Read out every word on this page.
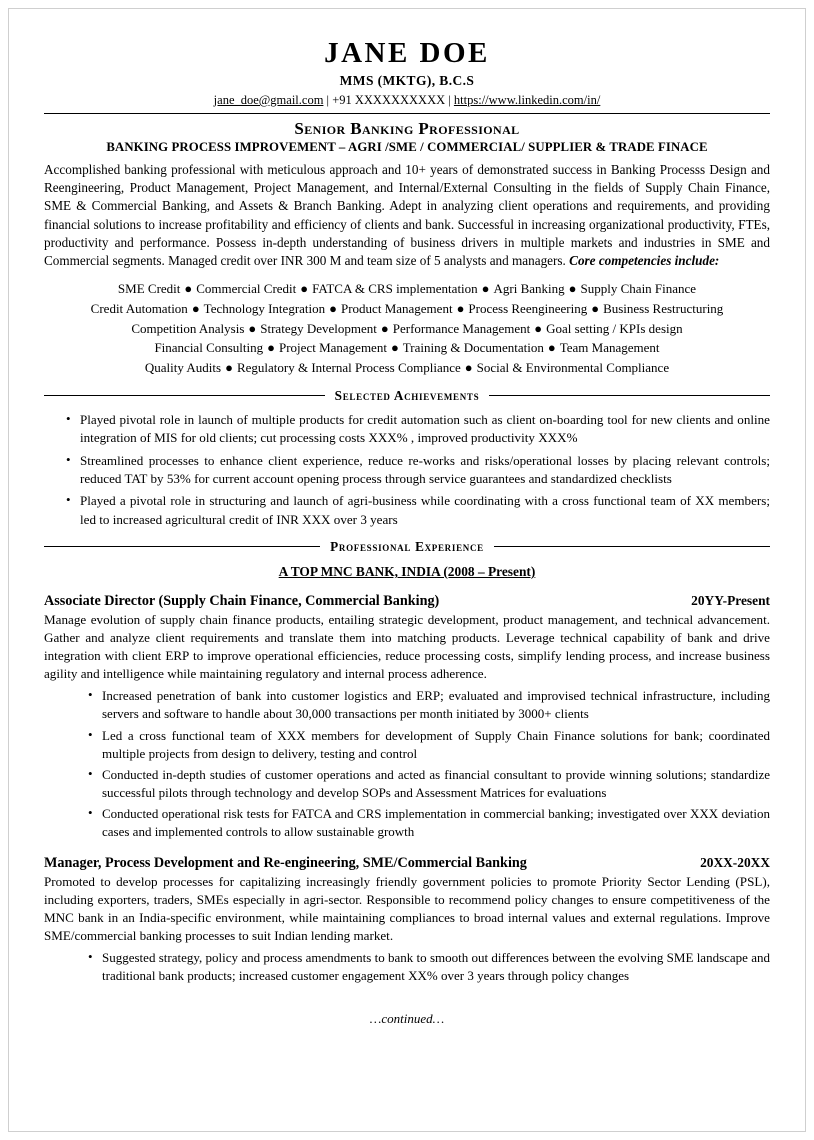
JANE DOE
MMS (MKTG), B.C.S
jane_doe@gmail.com | +91 XXXXXXXXXX | https://www.linkedin.com/in/
Senior Banking Professional
BANKING PROCESS IMPROVEMENT – AGRI /SME / COMMERCIAL/ SUPPLIER & TRADE FINACE
Accomplished banking professional with meticulous approach and 10+ years of demonstrated success in Banking Processs Design and Reengineering, Product Management, Project Management, and Internal/External Consulting in the fields of Supply Chain Finance, SME & Commercial Banking, and Assets & Branch Banking. Adept in analyzing client operations and requirements, and providing financial solutions to increase profitability and efficiency of clients and bank. Successful in increasing organizational productivity, FTEs, productivity and performance. Possess in-depth understanding of business drivers in multiple markets and industries in SME and Commercial segments. Managed credit over INR 300 M and team size of 5 analysts and managers. Core competencies include:
SME Credit ● Commercial Credit ● FATCA & CRS implementation ● Agri Banking ● Supply Chain Finance
Credit Automation ● Technology Integration ● Product Management ● Process Reengineering ● Business Restructuring
Competition Analysis ● Strategy Development ● Performance Management ● Goal setting / KPIs design
Financial Consulting ● Project Management ● Training & Documentation ● Team Management
Quality Audits ● Regulatory & Internal Process Compliance ● Social & Environmental Compliance
Selected Achievements
• Played pivotal role in launch of multiple products for credit automation such as client on-boarding tool for new clients and online integration of MIS for old clients; cut processing costs XXX% , improved productivity XXX%
• Streamlined processes to enhance client experience, reduce re-works and risks/operational losses by placing relevant controls; reduced TAT by 53% for current account opening process through service guarantees and standardized checklists
• Played a pivotal role in structuring and launch of agri-business while coordinating with a cross functional team of XX members; led to increased agricultural credit of INR XXX over 3 years
Professional Experience
A TOP MNC BANK, INDIA (2008 – Present)
Associate Director (Supply Chain Finance, Commercial Banking)	20YY-Present
Manage evolution of supply chain finance products, entailing strategic development, product management, and technical advancement. Gather and analyze client requirements and translate them into matching products. Leverage technical capability of bank and drive integration with client ERP to improve operational efficiencies, reduce processing costs, simplify lending process, and increase business agility and intelligence while maintaining regulatory and internal process adherence.
• Increased penetration of bank into customer logistics and ERP; evaluated and improvised technical infrastructure, including servers and software to handle about 30,000 transactions per month initiated by 3000+ clients
• Led a cross functional team of XXX members for development of Supply Chain Finance solutions for bank; coordinated multiple projects from design to delivery, testing and control
• Conducted in-depth studies of customer operations and acted as financial consultant to provide winning solutions; standardize successful pilots through technology and develop SOPs and Assessment Matrices for evaluations
• Conducted operational risk tests for FATCA and CRS implementation in commercial banking; investigated over XXX deviation cases and implemented controls to allow sustainable growth
Manager, Process Development and Re-engineering, SME/Commercial Banking	20XX-20XX
Promoted to develop processes for capitalizing increasingly friendly government policies to promote Priority Sector Lending (PSL), including exporters, traders, SMEs especially in agri-sector. Responsible to recommend policy changes to ensure competitiveness of the MNC bank in an India-specific environment, while maintaining compliances to broad internal values and external regulations. Improve SME/commercial banking processes to suit Indian lending market.
• Suggested strategy, policy and process amendments to bank to smooth out differences between the evolving SME landscape and traditional bank products; increased customer engagement XX% over 3 years through policy changes
…continued…
